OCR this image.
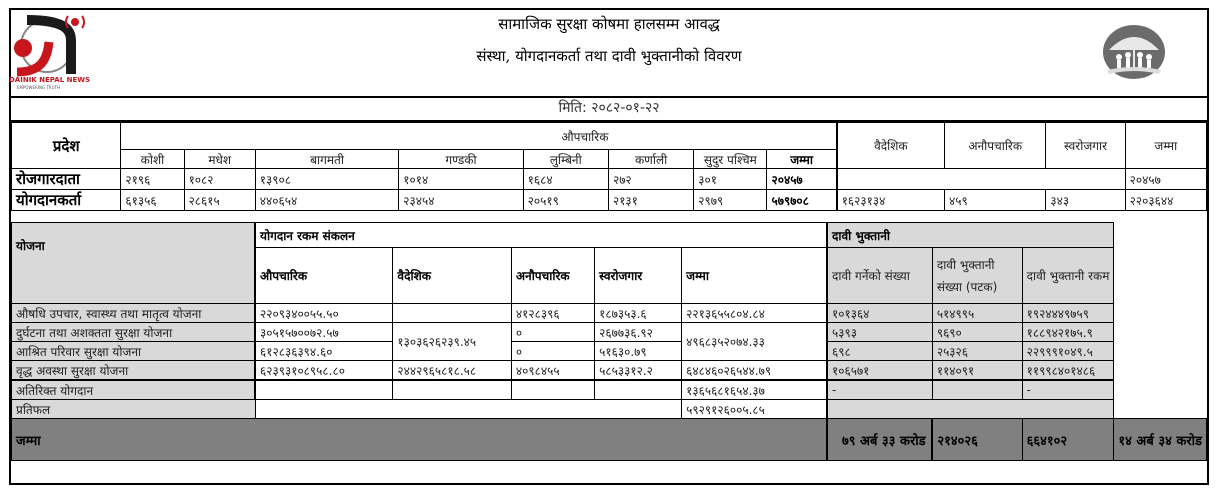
DAINIK NEPAL NEWS
EMPOWERING TRUTH
सामाजिक सुरक्षा कोषमा हालसम्म आवद्ध
संस्था, योगदानकर्ता तथा दावी भुक्तानीको विवरण
मिति: २०८२-०१-२२
प्रदेश	औपचारिक								वैदेशिक	अनौपचारिक	स्वरोजगार	जम्मा
	कोशी	मधेश	बागमती	गण्डकी	लुम्बिनी	कर्णाली	सुदुर पश्चिम	जम्मा				
रोजगारदाता	२१९६	१०८२	१३९०८	१०१४	१६८४	२७२	३०१	२०४५७				२०४५७
योगदानकर्ता	६१३५६	२८६१५	४४०६५४	२३४५४	२०५१९	२१३१	२९७९	५७९७०८	१६२३१३४	४५९	३४३	२२०३६४४
योजना	योगदान रकम संकलन					दावी भुक्तानी			
	औपचारिक	वैदेशिक	अनौपचारिक	स्वरोजगार	जम्मा	दावी गर्नेको संख्या	दावी भुक्तानी संख्या (पटक)	दावी भुक्तानी रकम	
औषधि उपचार, स्वास्थ्य तथा मातृत्व योजना	२२०९३४००५५.५०		४१२८३९६	१८७३५३.६	२२१३६५५८०४.८४	१०१३६४	५१४९९५	१९२४४४९७५९	
दुर्घटना तथा अशक्तता सुरक्षा योजना	३०५१५७००७२.५७	१३०३६२६२३९.४५	०	२६७७३६.९२	४९६८३५२०७४.३३	५३९३	९६९०	१८८९४२१७५.९	
आश्रित परिवार सुरक्षा योजना	६१२८३६३९४.६०		०	५१६३०.७९		६९८	२५३२६	२२९९९१०४९.५	
वृद्ध अवस्था सुरक्षा योजना	६२३९३१०८९५८.८०	२४४२९६५८१८.५८	४०९८४५५	५८५३३१२.२	६४८४६०२६५४४.७९	१०६५७१	११४०९१	११९९८४०१४८६	
अतिरिक्त योगदान					१३६५६८१६५४.३७	-		-	
प्रतिफल					५९२९१२६००५.८५				
जम्मा						७९ अर्ब ३३ करोड	२१४०२६	६६४१०२	१४ अर्ब ३४ करोड
